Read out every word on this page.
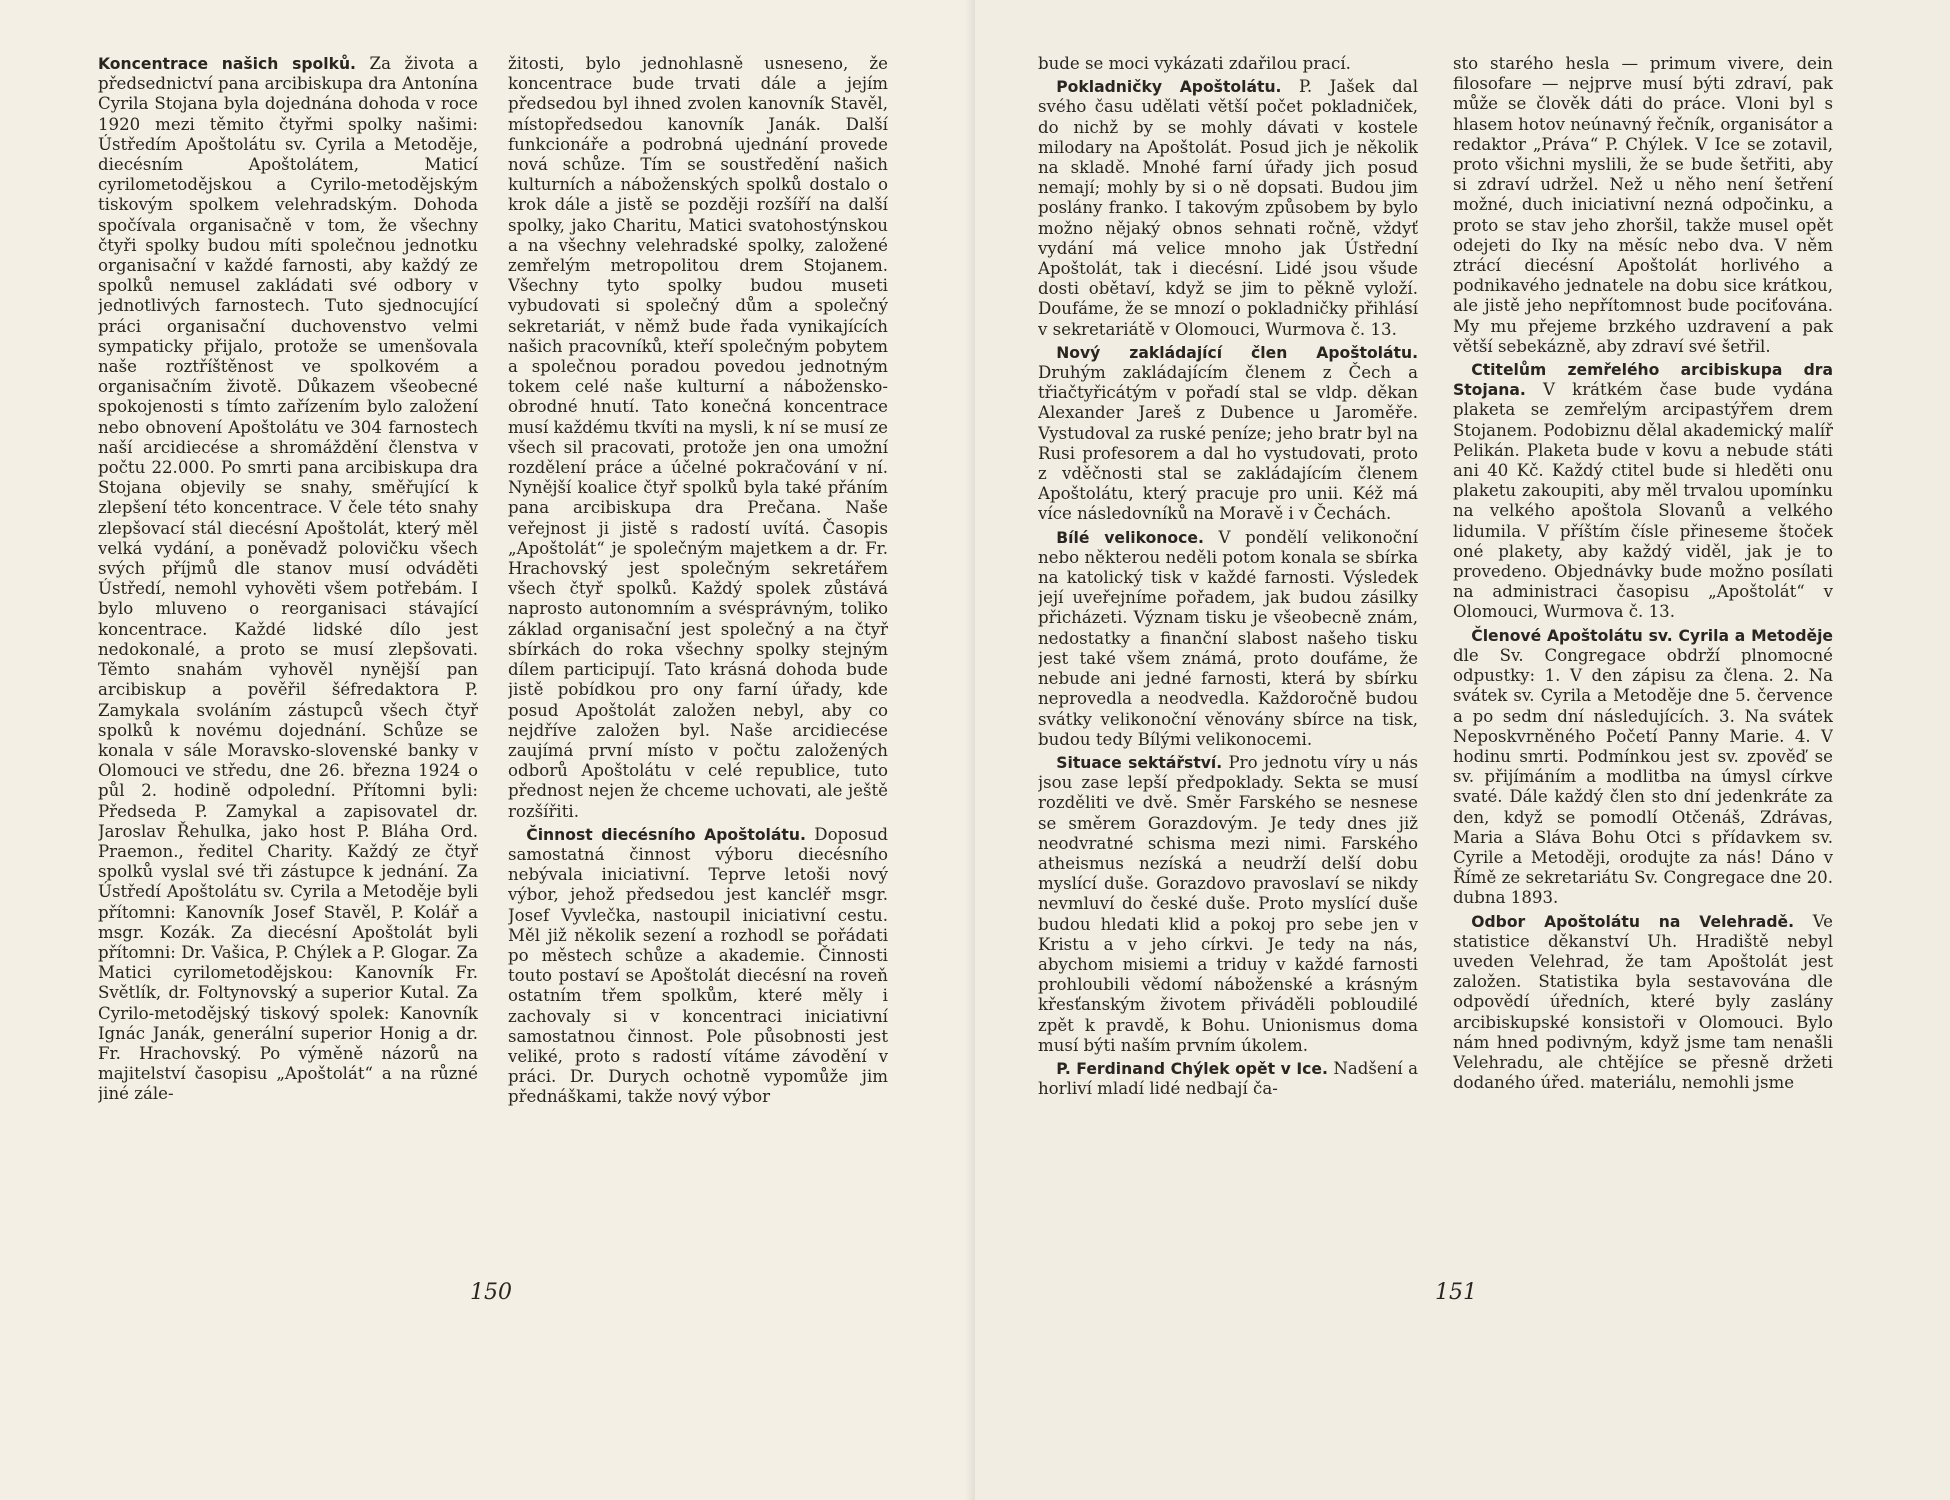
Koncentrace našich spolků. Za života a předsednictví pana arcibiskupa dra Antonína Cyrila Stojana byla dojednána dohoda v roce 1920 mezi těmito čtyřmi spolky našimi: Ústředím Apoštolátu sv. Cyrila a Metoděje, diecésním Apoštolátem, Maticí cyrilometodějskou a Cyrilo-metodějským tiskovým spolkem velehradským. Dohoda spočívala organisačně v tom, že všechny čtyři spolky budou míti společnou jednotku organisační v každé farnosti, aby každý ze spolků nemusel zakládati své odbory v jednotlivých farnostech. Tuto sjednocující práci organisační duchovenstvo velmi sympaticky přijalo, protože se umenšovala naše roztříštěnost ve spolkovém a organisačním životě. Důkazem všeobecné spokojenosti s tímto zařízením bylo založení nebo obnovení Apoštolátu ve 304 farnostech naší arcidiecése a shromáždění členstva v počtu 22.000. Po smrti pana arcibiskupa dra Stojana objevily se snahy, směřující k zlepšení této koncentrace. V čele této snahy zlepšovací stál diecésní Apoštolát, který měl velká vydání, a poněvadž polovičku všech svých příjmů dle stanov musí odváděti Ústředí, nemohl vyhověti všem potřebám. I bylo mluveno o reorganisaci stávající koncentrace. Každé lidské dílo jest nedokonalé, a proto se musí zlepšovati. Těmto snahám vyhověl nynější pan arcibiskup a pověřil šéfredaktora P. Zamykala svoláním zástupců všech čtyř spolků k novému dojednání. Schůze se konala v sále Moravsko-slovenské banky v Olomouci ve středu, dne 26. března 1924 o půl 2. hodině odpolední. Přítomni byli: Předseda P. Zamykal a zapisovatel dr. Jaroslav Řehulka, jako host P. Bláha Ord. Praemon., ředitel Charity. Každý ze čtyř spolků vyslal své tři zástupce k jednání. Za Ústředí Apoštolátu sv. Cyrila a Metoděje byli přítomni: Kanovník Josef Stavěl, P. Kolář a msgr. Kozák. Za diecésní Apoštolát byli přítomni: Dr. Vašica, P. Chýlek a P. Glogar. Za Matici cyrilometodějskou: Kanovník Fr. Světlík, dr. Foltynovský a superior Kutal. Za Cyrilo-metodějský tiskový spolek: Kanovník Ignác Janák, generální superior Honig a dr. Fr. Hrachovský. Po výměně názorů na majitelství časopisu „Apoštolát“ a na různé jiné zále-

žitosti, bylo jednohlasně usneseno, že koncentrace bude trvati dále a jejím předsedou byl ihned zvolen kanovník Stavěl, místopředsedou kanovník Janák. Další funkcionáře a podrobná ujednání provede nová schůze. Tím se soustředění našich kulturních a náboženských spolků dostalo o krok dále a jistě se později rozšíří na další spolky, jako Charitu, Matici svatohostýnskou a na všechny velehradské spolky, založené zemřelým metropolitou drem Stojanem. Všechny tyto spolky budou museti vybudovati si společný dům a společný sekretariát, v němž bude řada vynikajících našich pracovníků, kteří společným pobytem a společnou poradou povedou jednotným tokem celé naše kulturní a nábožensko-obrodné hnutí. Tato konečná koncentrace musí každému tkvíti na mysli, k ní se musí ze všech sil pracovati, protože jen ona umožní rozdělení práce a účelné pokračování v ní. Nynější koalice čtyř spolků byla také přáním pana arcibiskupa dra Prečana. Naše veřejnost ji jistě s radostí uvítá. Časopis „Apoštolát“ je společným majetkem a dr. Fr. Hrachovský jest společným sekretářem všech čtyř spolků. Každý spolek zůstává naprosto autonomním a svésprávným, toliko základ organisační jest společný a na čtyř sbírkách do roka všechny spolky stejným dílem participují. Tato krásná dohoda bude jistě pobídkou pro ony farní úřady, kde posud Apoštolát založen nebyl, aby co nejdříve založen byl. Naše arcidiecése zaujímá první místo v počtu založených odborů Apoštolátu v celé republice, tuto přednost nejen že chceme uchovati, ale ještě rozšířiti.

Činnost diecésního Apoštolátu. Doposud samostatná činnost výboru diecésního nebývala iniciativní. Teprve letoši nový výbor, jehož předsedou jest kancléř msgr. Josef Vyvlečka, nastoupil iniciativní cestu. Měl již několik sezení a rozhodl se pořádati po městech schůze a akademie. Činnosti touto postaví se Apoštolát diecésní na roveň ostatním třem spolkům, které měly i zachovaly si v koncentraci iniciativní samostatnou činnost. Pole působnosti jest veliké, proto s radostí vítáme závodění v práci. Dr. Durych ochotně vypomůže jim přednáškami, takže nový výbor

150

bude se moci vykázati zdařilou prací.

Pokladničky Apoštolátu. P. Jašek dal svého času udělati větší počet pokladniček, do nichž by se mohly dávati v kostele milodary na Apoštolát. Posud jich je několik na skladě. Mnohé farní úřady jich posud nemají; mohly by si o ně dopsati. Budou jim poslány franko. I takovým způsobem by bylo možno nějaký obnos sehnati ročně, vždyť vydání má velice mnoho jak Ústřední Apoštolát, tak i diecésní. Lidé jsou všude dosti obětaví, když se jim to pěkně vyloží. Doufáme, že se mnozí o pokladničky přihlásí v sekretariátě v Olomouci, Wurmova č. 13.

Nový zakládající člen Apoštolátu. Druhým zakládajícím členem z Čech a třiačtyřicátým v pořadí stal se vldp. děkan Alexander Jareš z Dubence u Jaroměře. Vystudoval za ruské peníze; jeho bratr byl na Rusi profesorem a dal ho vystudovati, proto z vděčnosti stal se zakládajícím členem Apoštolátu, který pracuje pro unii. Kéž má více následovníků na Moravě i v Čechách.

Bílé velikonoce. V pondělí velikonoční nebo některou neděli potom konala se sbírka na katolický tisk v každé farnosti. Výsledek její uveřejníme pořadem, jak budou zásilky přicházeti. Význam tisku je všeobecně znám, nedostatky a finanční slabost našeho tisku jest také všem známá, proto doufáme, že nebude ani jedné farnosti, která by sbírku neprovedla a neodvedla. Každoročně budou svátky velikonoční věnovány sbírce na tisk, budou tedy Bílými velikonocemi.

Situace sektářství. Pro jednotu víry u nás jsou zase lepší předpoklady. Sekta se musí rozděliti ve dvě. Směr Farského se nesnese se směrem Gorazdovým. Je tedy dnes již neodvratné schisma mezi nimi. Farského atheismus nezíská a neudrží delší dobu myslící duše. Gorazdovo pravoslaví se nikdy nevmluví do české duše. Proto myslící duše budou hledati klid a pokoj pro sebe jen v Kristu a v jeho církvi. Je tedy na nás, abychom misiemi a triduy v každé farnosti prohloubili vědomí náboženské a krásným křesťanským životem přiváděli pobloudilé zpět k pravdě, k Bohu. Unionismus doma musí býti naším prvním úkolem.

P. Ferdinand Chýlek opět v Ice. Nadšení a horliví mladí lidé nedbají ča-

sto starého hesla — primum vivere, dein filosofare — nejprve musí býti zdraví, pak může se člověk dáti do práce. Vloni byl s hlasem hotov neúnavný řečník, organisátor a redaktor „Práva“ P. Chýlek. V Ice se zotavil, proto všichni myslili, že se bude šetřiti, aby si zdraví udržel. Než u něho není šetření možné, duch iniciativní nezná odpočinku, a proto se stav jeho zhoršil, takže musel opět odejeti do Iky na měsíc nebo dva. V něm ztrácí diecésní Apoštolát horlivého a podnikavého jednatele na dobu sice krátkou, ale jistě jeho nepřítomnost bude pociťována. My mu přejeme brzkého uzdravení a pak větší sebekázně, aby zdraví své šetřil.

Ctitelům zemřelého arcibiskupa dra Stojana. V krátkém čase bude vydána plaketa se zemřelým arcipastýřem drem Stojanem. Podobiznu dělal akademický malíř Pelikán. Plaketa bude v kovu a nebude státi ani 40 Kč. Každý ctitel bude si hleděti onu plaketu zakoupiti, aby měl trvalou upomínku na velkého apoštola Slovanů a velkého lidumila. V příštím čísle přineseme štoček oné plakety, aby každý viděl, jak je to provedeno. Objednávky bude možno posílati na administraci časopisu „Apoštolát“ v Olomouci, Wurmova č. 13.

Členové Apoštolátu sv. Cyrila a Metoděje dle Sv. Congregace obdrží plnomocné odpustky: 1. V den zápisu za člena. 2. Na svátek sv. Cyrila a Metoděje dne 5. července a po sedm dní následujících. 3. Na svátek Neposkvrněného Početí Panny Marie. 4. V hodinu smrti. Podmínkou jest sv. zpověď se sv. přijímáním a modlitba na úmysl církve svaté. Dále každý člen sto dní jedenkráte za den, když se pomodlí Otčenáš, Zdrávas, Maria a Sláva Bohu Otci s přídavkem sv. Cyrile a Metoději, orodujte za nás! Dáno v Římě ze sekretariátu Sv. Congregace dne 20. dubna 1893.

Odbor Apoštolátu na Velehradě. Ve statistice děkanství Uh. Hradiště nebyl uveden Velehrad, že tam Apoštolát jest založen. Statistika byla sestavována dle odpovědí úředních, které byly zaslány arcibiskupské konsistoři v Olomouci. Bylo nám hned podivným, když jsme tam nenašli Velehradu, ale chtějíce se přesně držeti dodaného úřed. materiálu, nemohli jsme

151
